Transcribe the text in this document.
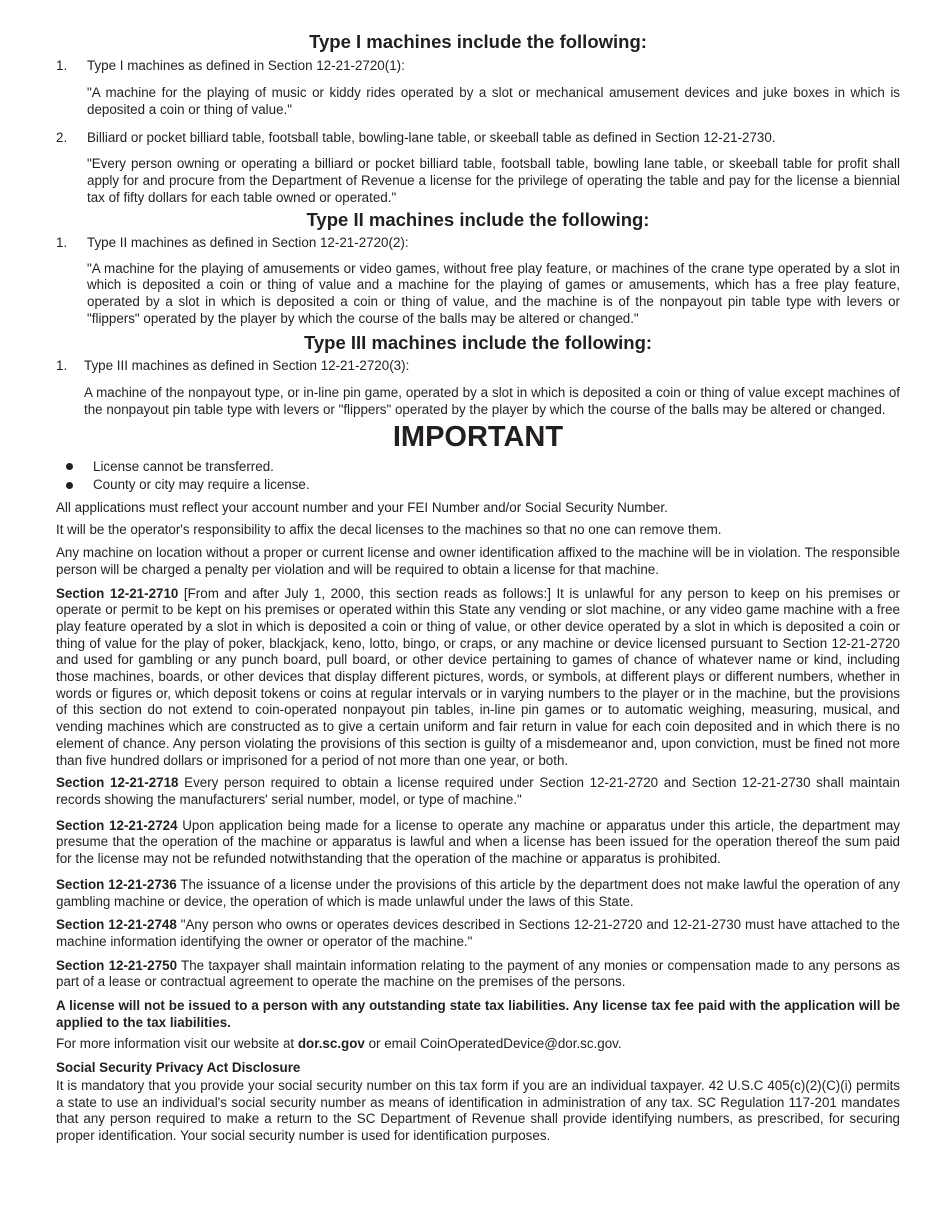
Type I machines include the following:
1.	Type I machines as defined in Section 12-21-2720(1):
"A machine for the playing of music or kiddy rides operated by a slot or mechanical amusement devices and juke boxes in which is deposited a coin or thing of value."
2.	Billiard or pocket billiard table, footsball table, bowling-lane table, or skeeball table as defined in Section 12-21-2730.
"Every person owning or operating a billiard or pocket billiard table, footsball table, bowling lane table, or skeeball table for profit shall apply for and procure from the Department of Revenue a license for the privilege of operating the table and pay for the license a biennial tax of fifty dollars for each table owned or operated."
Type II machines include the following:
1.	Type II machines as defined in Section 12-21-2720(2):
"A machine for the playing of amusements or video games, without free play feature, or machines of the crane type operated by a slot in which is deposited a coin or thing of value and a machine for the playing of games or amusements, which has a free play feature, operated by a slot in which is deposited a coin or thing of value, and the machine is of the nonpayout pin table type with levers or "flippers" operated by the player by which the course of the balls may be altered or changed."
Type III machines include the following:
1.	Type III machines as defined in Section 12-21-2720(3):
A machine of the nonpayout type, or in-line pin game, operated by a slot in which is deposited a coin or thing of value except machines of the nonpayout pin table type with levers or "flippers" operated by the player by which the course of the balls may be altered or changed.
IMPORTANT
License cannot be transferred.
County or city may require a license.

All applications must reflect your account number and your FEI Number and/or Social Security Number.

It will be the operator's responsibility to affix the decal licenses to the machines so that no one can remove them.

Any machine on location without a proper or current license and owner identification affixed to the machine will be in violation. The responsible person will be charged a penalty per violation and will be required to obtain a license for that machine.

Section 12-21-2710 [From and after July 1, 2000, this section reads as follows:] It is unlawful for any person to keep on his premises or operate or permit to be kept on his premises or operated within this State any vending or slot machine, or any video game machine with a free play feature operated by a slot in which is deposited a coin or thing of value, or other device operated by a slot in which is deposited a coin or thing of value for the play of poker, blackjack, keno, lotto, bingo, or craps, or any machine or device licensed pursuant to Section 12-21-2720 and used for gambling or any punch board, pull board, or other device pertaining to games of chance of whatever name or kind, including those machines, boards, or other devices that display different pictures, words, or symbols, at different plays or different numbers, whether in words or figures or, which deposit tokens or coins at regular intervals or in varying numbers to the player or in the machine, but the provisions of this section do not extend to coin-operated nonpayout pin tables, in-line pin games or to automatic weighing, measuring, musical, and vending machines which are constructed as to give a certain uniform and fair return in value for each coin deposited and in which there is no element of chance. Any person violating the provisions of this section is guilty of a misdemeanor and, upon conviction, must be fined not more than five hundred dollars or imprisoned for a period of not more than one year, or both.

Section 12-21-2718 Every person required to obtain a license required under Section 12-21-2720 and Section 12-21-2730 shall maintain records showing the manufacturers' serial number, model, or type of machine."

Section 12-21-2724 Upon application being made for a license to operate any machine or apparatus under this article, the department may presume that the operation of the machine or apparatus is lawful and when a license has been issued for the operation thereof the sum paid for the license may not be refunded notwithstanding that the operation of the machine or apparatus is prohibited.

Section 12-21-2736 The issuance of a license under the provisions of this article by the department does not make lawful the operation of any gambling machine or device, the operation of which is made unlawful under the laws of this State.

Section 12-21-2748 "Any person who owns or operates devices described in Sections 12-21-2720 and 12-21-2730 must have attached to the machine information identifying the owner or operator of the machine."

Section 12-21-2750 The taxpayer shall maintain information relating to the payment of any monies or compensation made to any persons as part of a lease or contractual agreement to operate the machine on the premises of the persons.

A license will not be issued to a person with any outstanding state tax liabilities. Any license tax fee paid with the application will be applied to the tax liabilities.

For more information visit our website at dor.sc.gov or email CoinOperatedDevice@dor.sc.gov.

Social Security Privacy Act Disclosure

It is mandatory that you provide your social security number on this tax form if you are an individual taxpayer. 42 U.S.C 405(c)(2)(C)(i) permits a state to use an individual's social security number as means of identification in administration of any tax. SC Regulation 117-201 mandates that any person required to make a return to the SC Department of Revenue shall provide identifying numbers, as prescribed, for securing proper identification. Your social security number is used for identification purposes.
